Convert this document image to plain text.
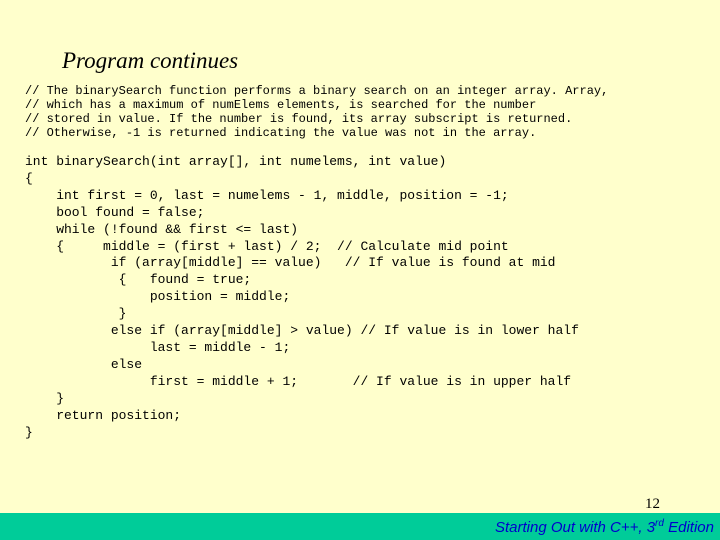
Program continues
// The binarySearch function performs a binary search on an integer array. Array,
// which has a maximum of numElems elements, is searched for the number
// stored in value. If the number is found, its array subscript is returned.
// Otherwise, -1 is returned indicating the value was not in the array.
int binarySearch(int array[], int numelems, int value)
{
int first = 0, last = numelems - 1, middle, position = -1;
bool found = false;
while (!found && first <= last)
{     middle = (first + last) / 2;  // Calculate mid point
if (array[middle] == value)   // If value is found at mid
{   found = true;
position = middle;
}
else if (array[middle] > value) // If value is in lower half
last = middle - 1;
else
first = middle + 1;       // If value is in upper half
}
return position;
}
12
Starting Out with C++, 3rd Edition
